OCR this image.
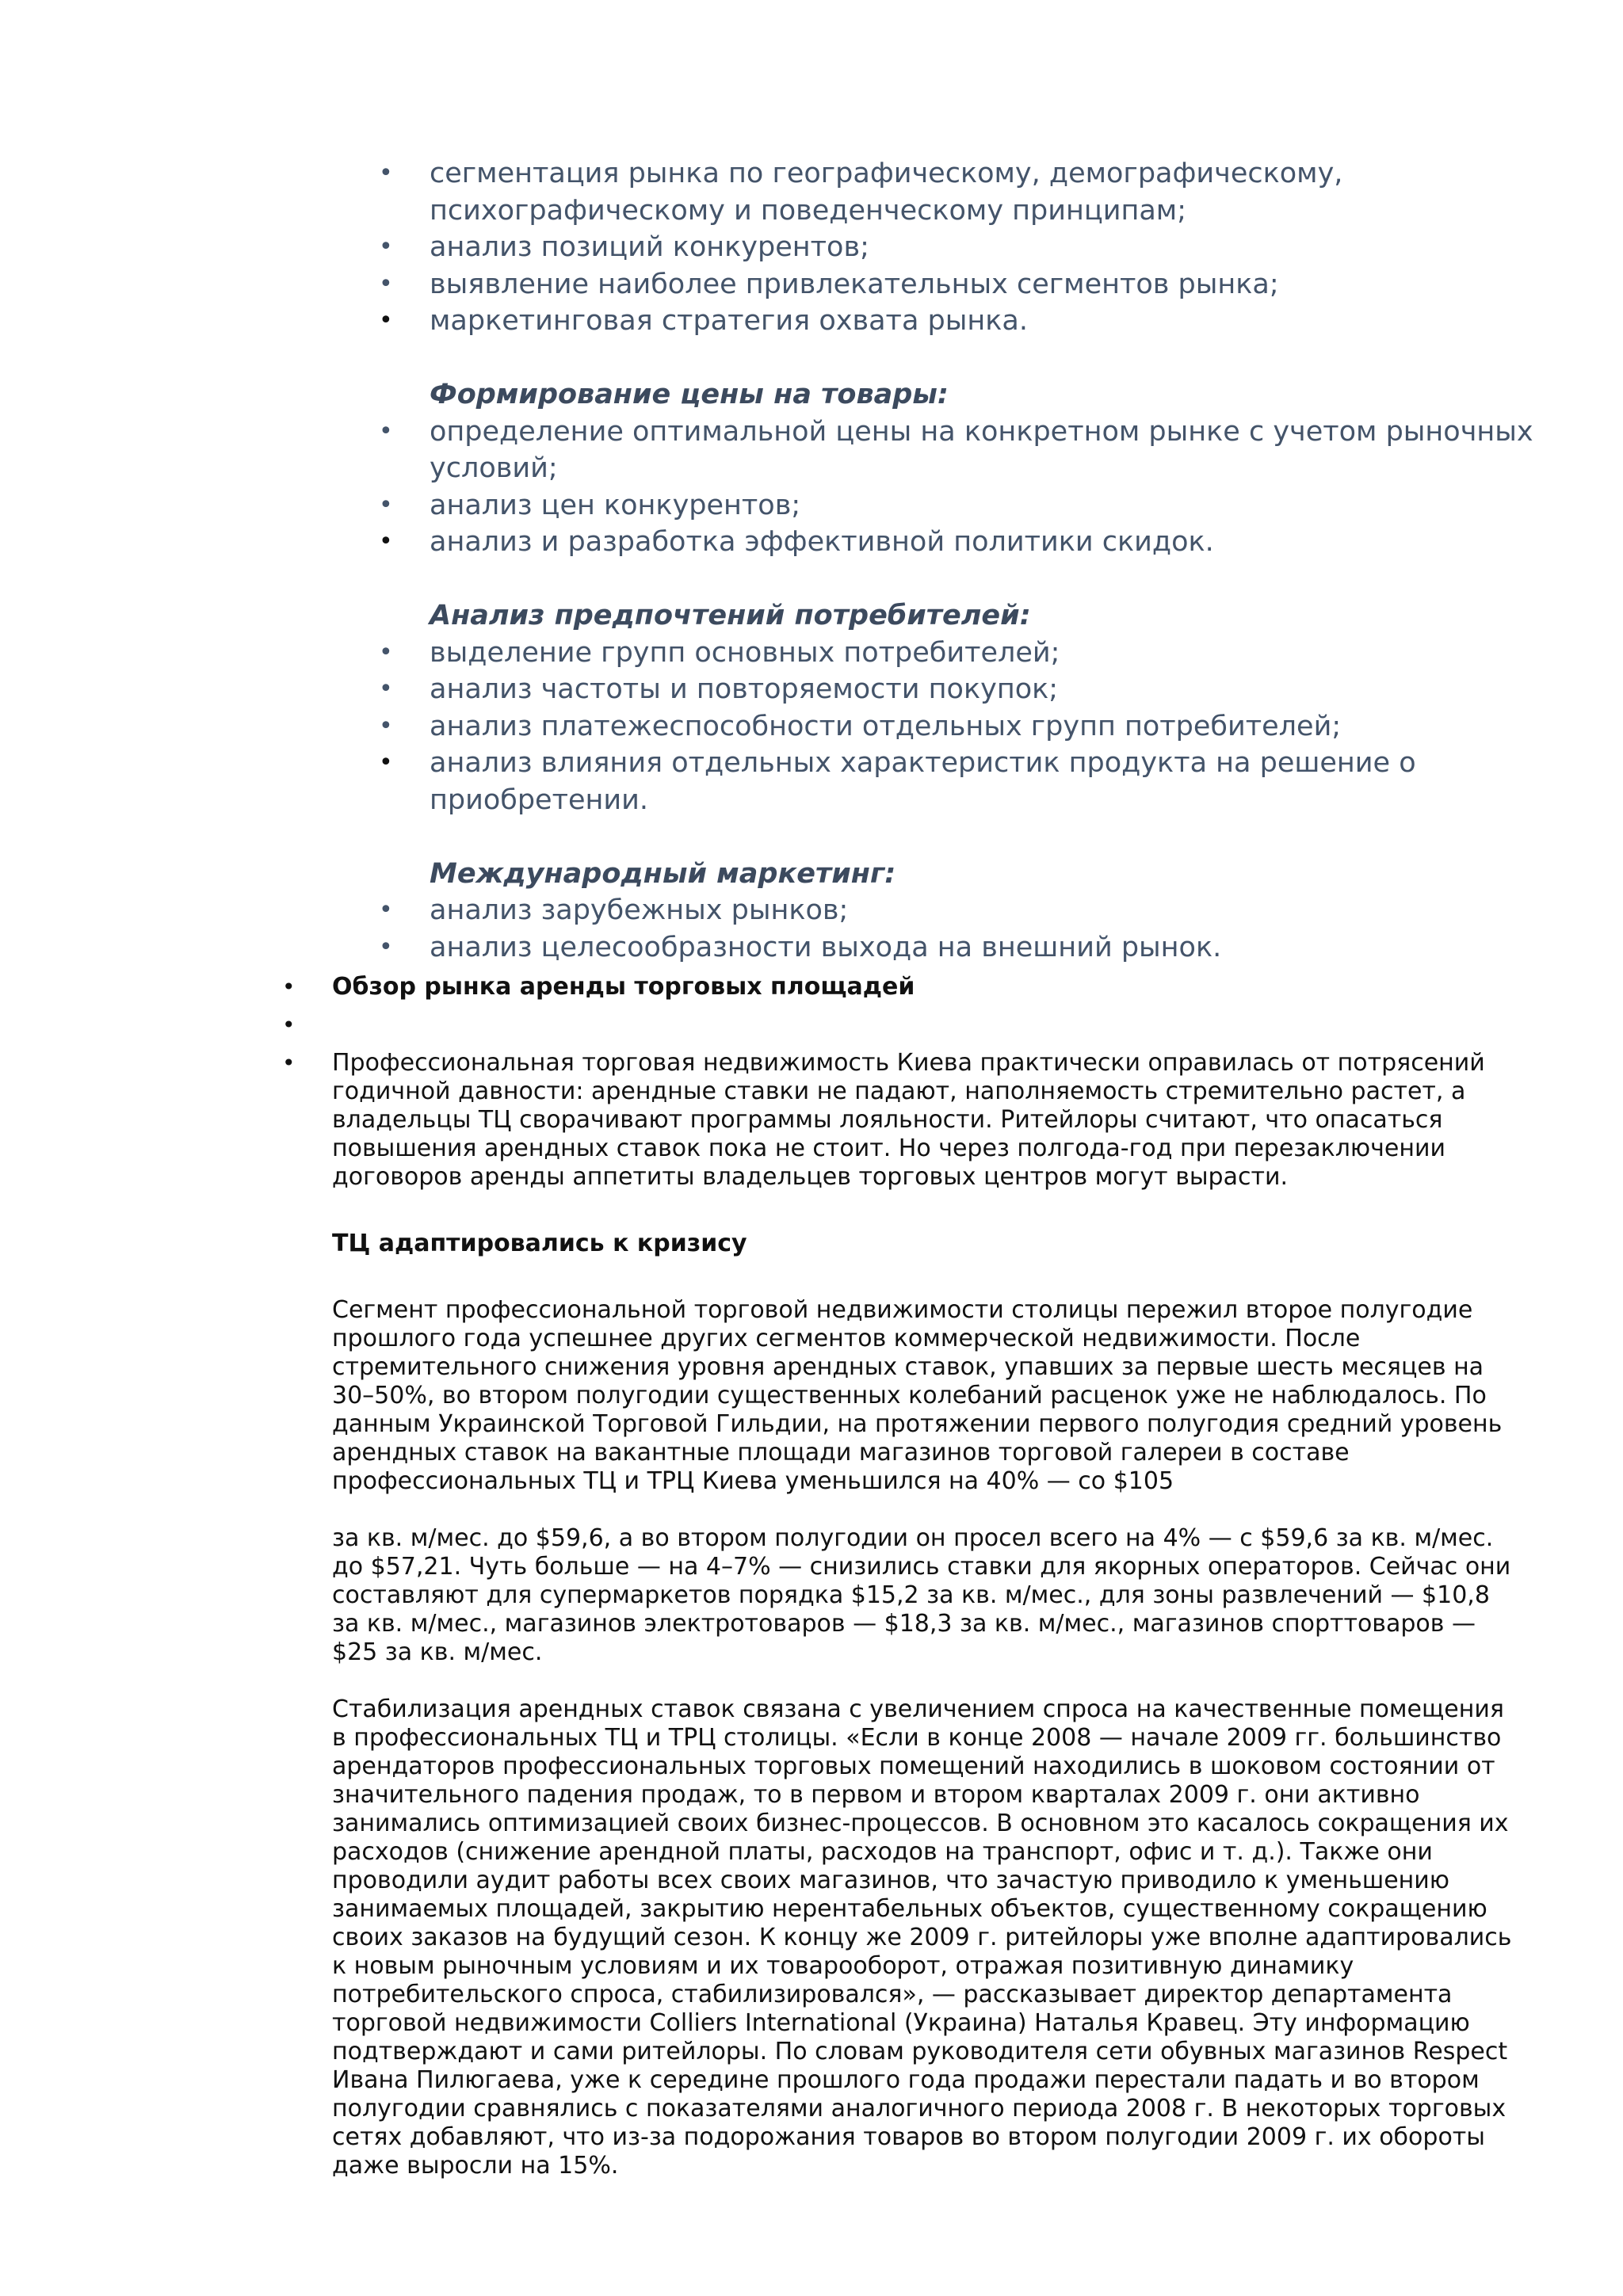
• сегментация рынка по географическому, демографическому, психографическому и поведенческому принципам;
• анализ позиций конкурентов;
• выявление наиболее привлекательных сегментов рынка;
• маркетинговая стратегия охвата рынка.
Формирование цены на товары:
• определение оптимальной цены на конкретном рынке с учетом рыночных условий;
• анализ цен конкурентов;
• анализ и разработка эффективной политики скидок.
Анализ предпочтений потребителей:
• выделение групп основных потребителей;
• анализ частоты и повторяемости покупок;
• анализ платежеспособности отдельных групп потребителей;
• анализ влияния отдельных характеристик продукта на решение о приобретении.
Международный маркетинг:
• анализ зарубежных рынков;
• анализ целесообразности выхода на внешний рынок.
• Обзор рынка аренды торговых площадей
•
• Профессиональная торговая недвижимость Киева практически оправилась от потрясений годичной давности: арендные ставки не падают, наполняемость стремительно растет, а владельцы ТЦ сворачивают программы лояльности. Ритейлоры считают, что опасаться повышения арендных ставок пока не стоит. Но через полгода-год при перезаключении договоров аренды аппетиты владельцев торговых центров могут вырасти.

ТЦ адаптировались к кризису

Сегмент профессиональной торговой недвижимости столицы пережил второе полугодие прошлого года успешнее других сегментов коммерческой недвижимости. После стремительного снижения уровня арендных ставок, упавших за первые шесть месяцев на 30–50%, во втором полугодии существенных колебаний расценок уже не наблюдалось. По данным Украинской Торговой Гильдии, на протяжении первого полугодия средний уровень арендных ставок на вакантные площади магазинов торговой галереи в составе профессиональных ТЦ и ТРЦ Киева уменьшился на 40% — со $105

за кв. м/мес. до $59,6, а во втором полугодии он просел всего на 4% — с $59,6 за кв. м/мес. до $57,21. Чуть больше — на 4–7% — снизились ставки для якорных операторов. Сейчас они составляют для супермаркетов порядка $15,2 за кв. м/мес., для зоны развлечений — $10,8 за кв. м/мес., магазинов электротоваров — $18,3 за кв. м/мес., магазинов спорттоваров — $25 за кв. м/мес.

Стабилизация арендных ставок связана с увеличением спроса на качественные помещения в профессиональных ТЦ и ТРЦ столицы. «Если в конце 2008 — начале 2009 гг. большинство арендаторов профессиональных торговых помещений находились в шоковом состоянии от значительного падения продаж, то в первом и втором кварталах 2009 г. они активно занимались оптимизацией своих бизнес-процессов. В основном это касалось сокращения их расходов (снижение арендной платы, расходов на транспорт, офис и т. д.). Также они проводили аудит работы всех своих магазинов, что зачастую приводило к уменьшению занимаемых площадей, закрытию нерентабельных объектов, существенному сокращению своих заказов на будущий сезон. К концу же 2009 г. ритейлоры уже вполне адаптировались к новым рыночным условиям и их товарооборот, отражая позитивную динамику потребительского спроса, стабилизировался», — рассказывает директор департамента торговой недвижимости Colliers International (Украина) Наталья Кравец. Эту информацию подтверждают и сами ритейлоры. По словам руководителя сети обувных магазинов Respect Ивана Пилюгаева, уже к середине прошлого года продажи перестали падать и во втором полугодии сравнялись с показателями аналогичного периода 2008 г. В некоторых торговых сетях добавляют, что из-за подорожания товаров во втором полугодии 2009 г. их обороты даже выросли на 15%.
